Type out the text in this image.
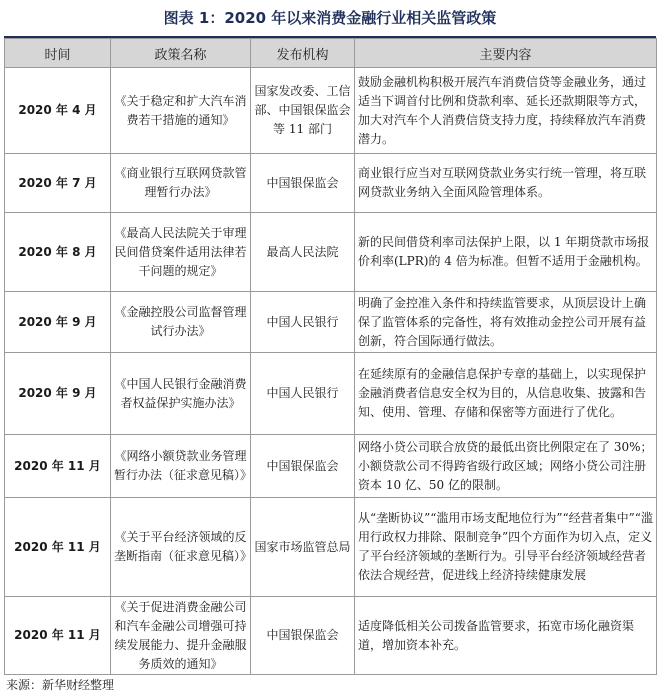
图表 1：2020 年以来消费金融行业相关监管政策
时间	政策名称	发布机构	主要内容
2020 年 4 月	《关于稳定和扩大汽车消费若干措施的通知》	国家发改委、工信部、中国银保监会等 11 部门	鼓励金融机构积极开展汽车消费信贷等金融业务，通过适当下调首付比例和贷款利率、延长还款期限等方式，加大对汽车个人消费信贷支持力度，持续释放汽车消费潜力。
2020 年 7 月	《商业银行互联网贷款管理暂行办法》	中国银保监会	商业银行应当对互联网贷款业务实行统一管理，将互联网贷款业务纳入全面风险管理体系。
2020 年 8 月	《最高人民法院关于审理民间借贷案件适用法律若干问题的规定》	最高人民法院	新的民间借贷利率司法保护上限，以 1 年期贷款市场报价利率(LPR)的 4 倍为标准。但暂不适用于金融机构。
2020 年 9 月	《金融控股公司监督管理试行办法》	中国人民银行	明确了金控准入条件和持续监管要求，从顶层设计上确保了监管体系的完备性，将有效推动金控公司开展有益创新，符合国际通行做法。
2020 年 9 月	《中国人民银行金融消费者权益保护实施办法》	中国人民银行	在延续原有的金融信息保护专章的基础上，以实现保护金融消费者信息安全权为目的，从信息收集、披露和告知、使用、管理、存储和保密等方面进行了优化。
2020 年 11 月	《网络小额贷款业务管理暂行办法（征求意见稿）》	中国银保监会	网络小贷公司联合放贷的最低出资比例限定在了 30%；小额贷款公司不得跨省级行政区域；网络小贷公司注册资本 10 亿、50 亿的限制。
2020 年 11 月	《关于平台经济领域的反垄断指南（征求意见稿）》	国家市场监管总局	从“垄断协议”“滥用市场支配地位行为”“经营者集中”“滥用行政权力排除、限制竞争”四个方面作为切入点，定义了平台经济领域的垄断行为。引导平台经济领域经营者依法合规经营，促进线上经济持续健康发展
2020 年 11 月	《关于促进消费金融公司和汽车金融公司增强可持续发展能力、提升金融服务质效的通知》	中国银保监会	适度降低相关公司拨备监管要求，拓宽市场化融资渠道，增加资本补充。
来源：新华财经整理
